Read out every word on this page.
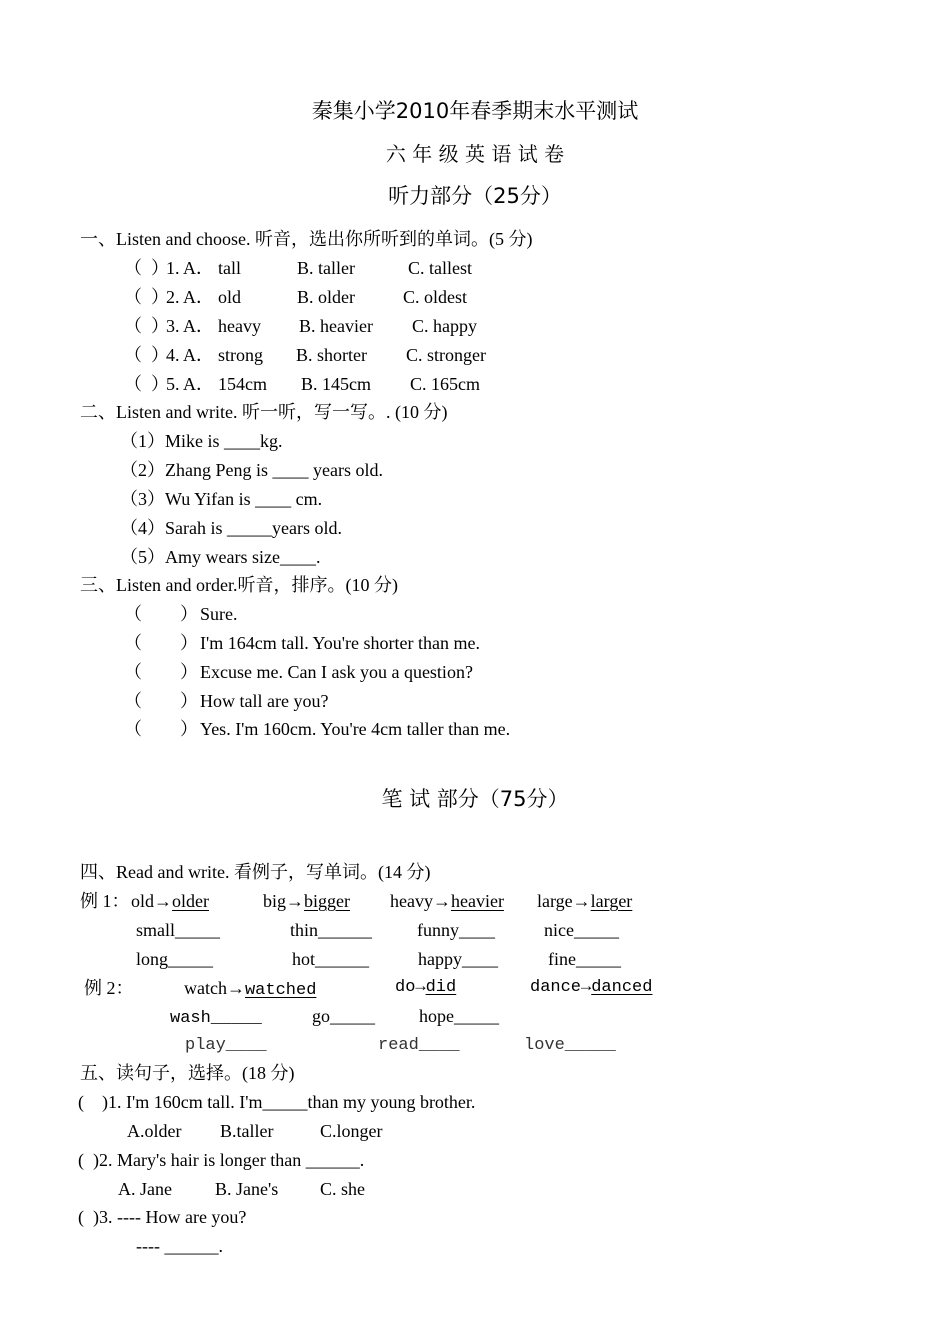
秦集小学2010年春季期末水平测试
六 年 级 英 语 试 卷
听力部分（25分）
一、Listen and choose. 听音，选出你所听到的单词。(5 分)
（  ）
1. A． tall	B. taller	C. tallest
（  ）
2. A． old	B. older	C. oldest
（  ）
3. A． heavy B. heavier C. happy
（  ）
4. A． strong B. shorter C. stronger
（  ）
5. A． 154cm B. 145cm C. 165cm
二、Listen and write. 听一听，写一写。. (10 分)
（1）Mike is ____kg.
（2）Zhang Peng is ____ years old.
（3）Wu Yifan is ____ cm.
（4）Sarah is _____years old.
（5）Amy wears size____.
三、Listen and order.听音，排序。(10 分)
（ ） Sure.
（ ） I'm 164cm tall. You're shorter than me.
（ ） Excuse me. Can I ask you a question?
（ ） How tall are you?
（ ） Yes. I'm 160cm. You're 4cm taller than me.
笔 试 部分（75分）
四、Read and write. 看例子，写单词。(14 分)
例 1： old→older	big→bigger heavy→heavier large→larger
small_____	thin______ funny____	nice_____
long_____	hot______	happy____	fine_____
例 2：	watch→watched	do→did	dance→danced
wash_____	go_____ hope_____
play____	read____	love_____
五、读句子，选择。(18 分)
(    )1. I'm 160cm tall. I'm_____than my young brother.
A.older B.taller	C.longer
(  )2. Mary's hair is longer than ______.
A. Jane B. Jane's C. she
(  )3. ---- How are you?
---- ______.
